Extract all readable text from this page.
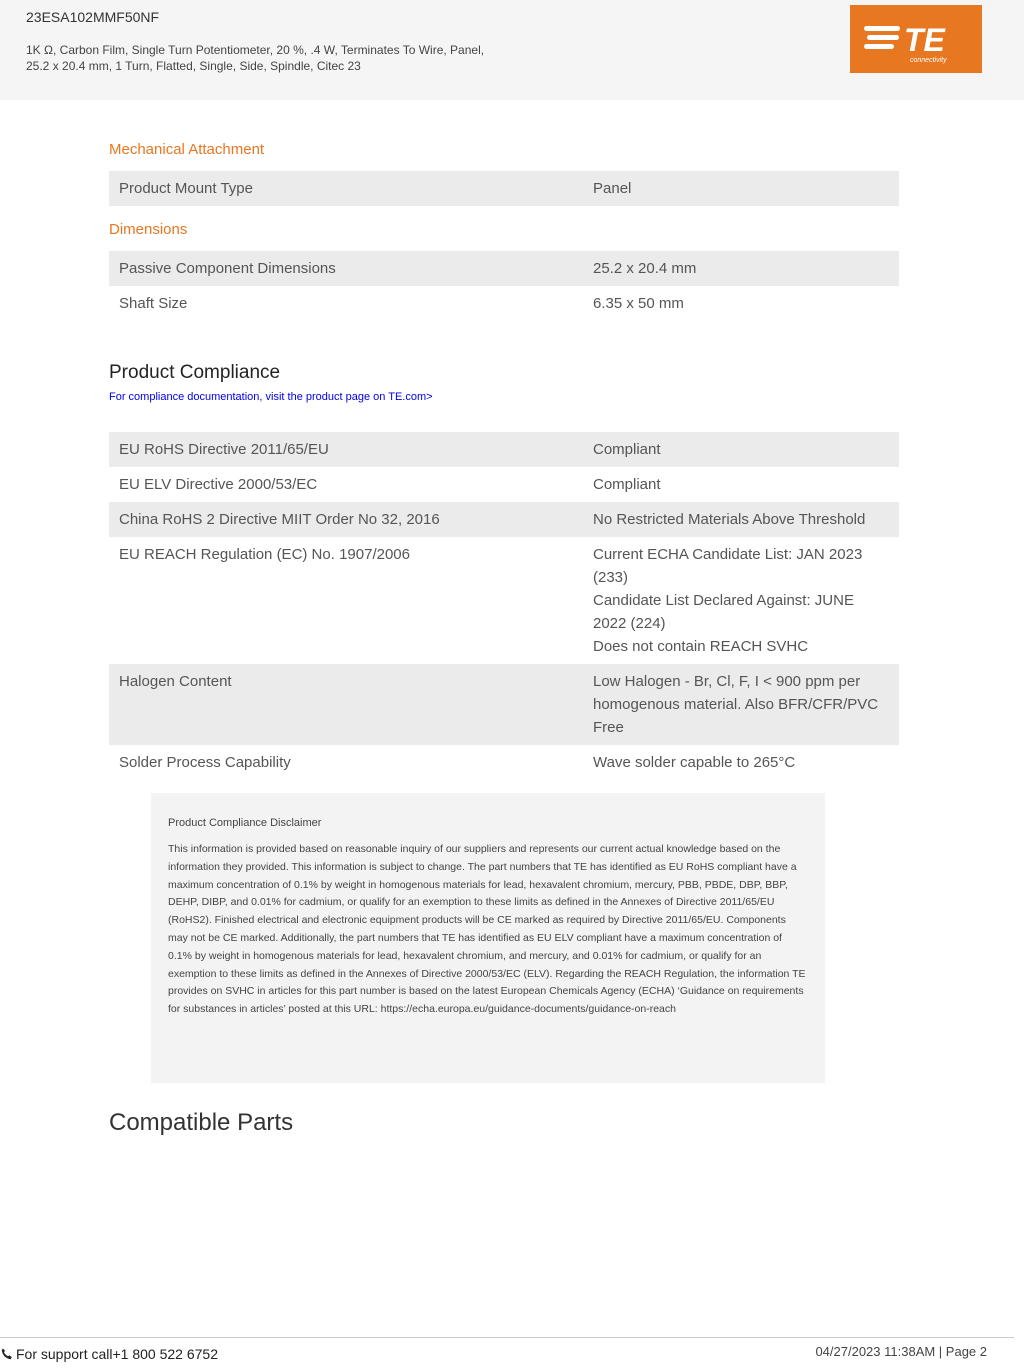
23ESA102MMF50NF
1K Ω, Carbon Film, Single Turn Potentiometer, 20 %, .4 W, Terminates To Wire, Panel, 25.2 x 20.4 mm, 1 Turn, Flatted, Single, Side, Spindle, Citec 23
TE
connectivity
Mechanical Attachment
Product Mount Type	Panel
Dimensions
Passive Component Dimensions	25.2 x 20.4 mm
Shaft Size	6.35 x 50 mm
Product Compliance
For compliance documentation, visit the product page on TE.com>
EU RoHS Directive 2011/65/EU	Compliant
EU ELV Directive 2000/53/EC	Compliant
China RoHS 2 Directive MIIT Order No 32, 2016	No Restricted Materials Above Threshold
EU REACH Regulation (EC) No. 1907/2006	Current ECHA Candidate List: JAN 2023 (233)
Candidate List Declared Against: JUNE 2022 (224)
Does not contain REACH SVHC
Halogen Content	Low Halogen - Br, Cl, F, I < 900 ppm per homogenous material. Also BFR/CFR/PVC Free
Solder Process Capability	Wave solder capable to 265°C
Product Compliance Disclaimer
This information is provided based on reasonable inquiry of our suppliers and represents our current actual knowledge based on the information they provided. This information is subject to change. The part numbers that TE has identified as EU RoHS compliant have a maximum concentration of 0.1% by weight in homogenous materials for lead, hexavalent chromium, mercury, PBB, PBDE, DBP, BBP, DEHP, DIBP, and 0.01% for cadmium, or qualify for an exemption to these limits as defined in the Annexes of Directive 2011/65/EU (RoHS2). Finished electrical and electronic equipment products will be CE marked as required by Directive 2011/65/EU. Components may not be CE marked. Additionally, the part numbers that TE has identified as EU ELV compliant have a maximum concentration of 0.1% by weight in homogenous materials for lead, hexavalent chromium, and mercury, and 0.01% for cadmium, or qualify for an exemption to these limits as defined in the Annexes of Directive 2000/53/EC (ELV). Regarding the REACH Regulation, the information TE provides on SVHC in articles for this part number is based on the latest European Chemicals Agency (ECHA) ‘Guidance on requirements for substances in articles’ posted at this URL: https://echa.europa.eu/guidance-documents/guidance-on-reach
Compatible Parts
For support call+1 800 522 6752	04/27/2023 11:38AM | Page 2
